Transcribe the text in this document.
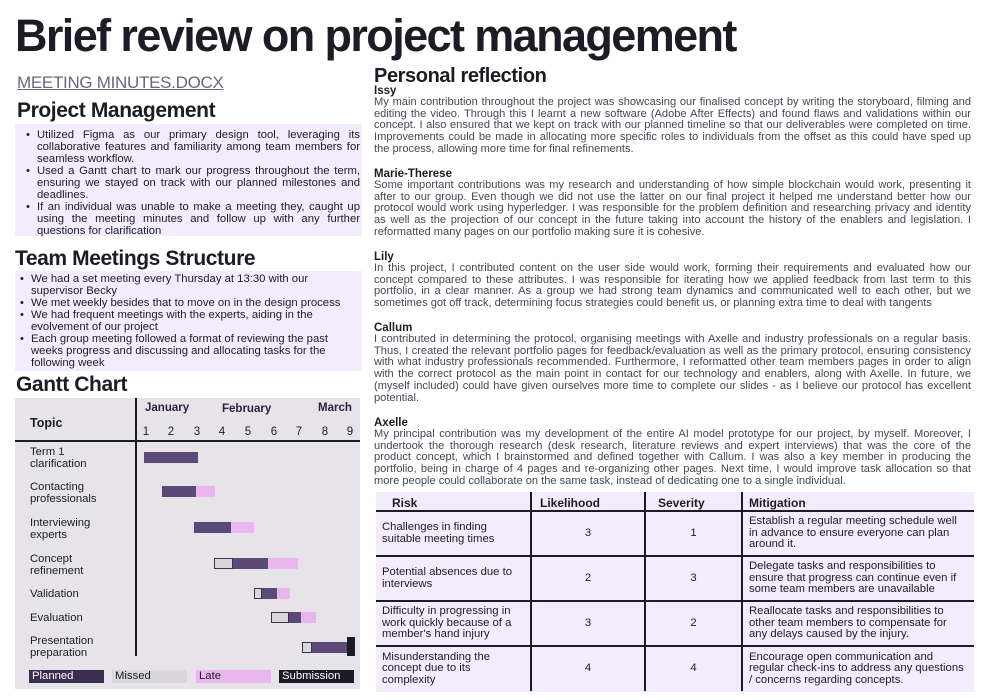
Brief review on project management
MEETING MINUTES.DOCX
Project Management
• Utilized Figma as our primary design tool, leveraging its collaborative features and familiarity among team members for seamless workflow.
• Used a Gantt chart to mark our progress throughout the term, ensuring we stayed on track with our planned milestones and deadlines.
• If an individual was unable to make a meeting they, caught up using the meeting minutes and follow up with any further questions for clarification
Team Meetings Structure
• We had a set meeting every Thursday at 13:30 with our supervisor Becky
• We met weekly besides that to move on in the design process
• We had frequent meetings with the experts, aiding in the evolvement of our project
• Each group meeting followed a format of reviewing the past weeks progress and discussing and allocating tasks for the following week
Gantt Chart
Topic
January	February	March
1	2	3	4	5	6	7	8	9
Term 1 clarification
Contacting professionals
Interviewing experts
Concept refinement
Validation
Evaluation
Presentation preparation
Planned	Missed	Late	Submission
Personal reflection
Issy
My main contribution throughout the project was showcasing our finalised concept by writing the storyboard, filming and editing the video. Through this I learnt a new software (Adobe After Effects) and found flaws and validations within our concept. I also ensured that we kept on track with our planned timeline so that our deliverables were completed on time. Improvements could be made in allocating more specific roles to individuals from the offset as this could have sped up the process, allowing more time for final refinements.
Marie-Therese
Some important contributions was my research and understanding of how simple blockchain would work, presenting it after to our group. Even though we did not use the latter on our final project it helped me understand better how our protocol would work using hyperledger. I was responsible for the problem definition and researching privacy and identity as well as the projection of our concept in the future taking into account the history of the enablers and legislation. I reformatted many pages on our portfolio making sure it is cohesive.
Lily
In this project, I contributed content on the user side would work, forming their requirements and evaluated how our concept compared to these attributes. I was responsible for iterating how we applied feedback from last term to this portfolio, in a clear manner. As a group we had strong team dynamics and communicated well to each other, but we sometimes got off track, determining focus strategies could benefit us, or planning extra time to deal with tangents
Callum
I contributed in determining the protocol, organising meetings with Axelle and industry professionals on a regular basis. Thus, I created the relevant portfolio pages for feedback/evaluation as well as the primary protocol, ensuring consistency with what industry professionals recommended. Furthermore, I reformatted other team members pages in order to align with the correct protocol as the main point in contact for our technology and enablers, along with Axelle. In future, we (myself included) could have given ourselves more time to complete our slides - as I believe our protocol has excellent potential.
Axelle
My principal contribution was my development of the entire AI model prototype for our project, by myself. Moreover, I undertook the thorough research (desk research, literature reviews and expert interviews) that was the core of the product concept, which I brainstormed and defined together with Callum. I was also a key member in producing the portfolio, being in charge of 4 pages and re-organizing other pages. Next time, I would improve task allocation so that more people could collaborate on the same task, instead of dedicating one to a single individual.
Risk	Likelihood	Severity	Mitigation
Challenges in finding suitable meeting times	3	1	Establish a regular meeting schedule well in advance to ensure everyone can plan around it.
Potential absences due to interviews	2	3	Delegate tasks and responsibilities to ensure that progress can continue even if some team members are unavailable
Difficulty in progressing in work quickly because of a member's hand injury	3	2	Reallocate tasks and responsibilities to other team members to compensate for any delays caused by the injury.
Misunderstanding the concept due to its complexity	4	4	Encourage open communication and regular check-ins to address any questions / concerns regarding concepts.
